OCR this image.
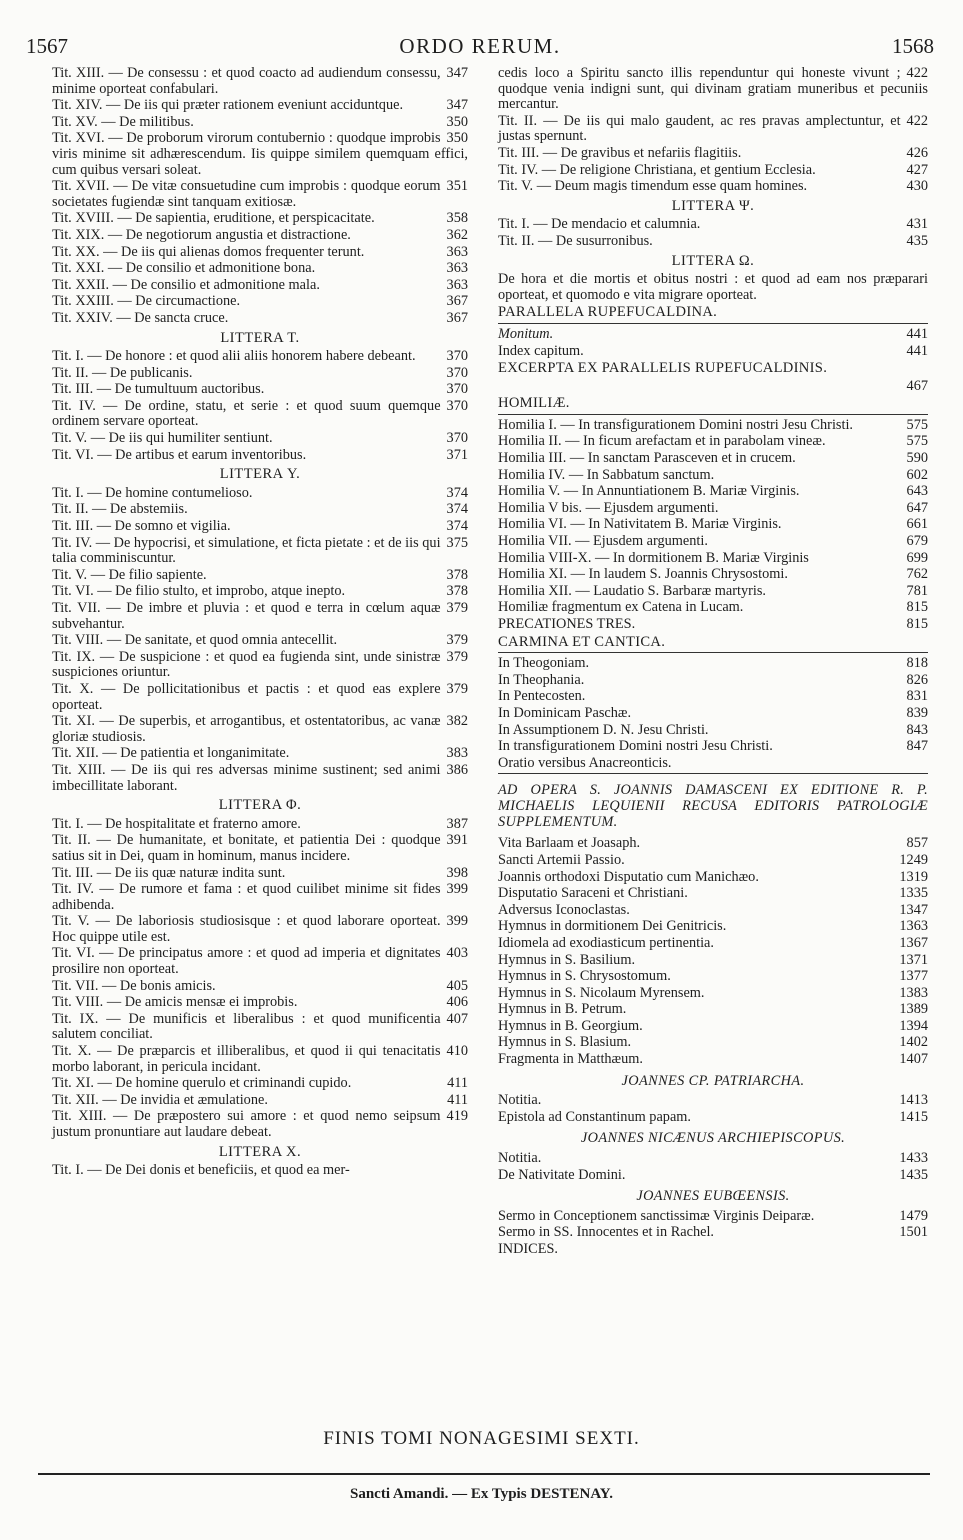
1567	ORDO RERUM.	1568
347
Tit. XIII. — De consessu : et quod coacto ad audiendum consessu, minime oporteat confabulari.
347
Tit. XIV. — De iis qui præter rationem eveniunt acciduntque.
350
Tit. XV. — De militibus.
350
Tit. XVI. — De proborum virorum contubernio : quodque improbis viris minime sit adhærescendum. Iis quippe similem quemquam effici, cum quibus versari soleat.
351
Tit. XVII. — De vitæ consuetudine cum improbis : quodque eorum societates fugiendæ sint tanquam exitiosæ.
358
Tit. XVIII. — De sapientia, eruditione, et perspicacitate.
362
Tit. XIX. — De negotiorum angustia et distractione.
363
Tit. XX. — De iis qui alienas domos frequenter terunt.
363
Tit. XXI. — De consilio et admonitione bona.
363
Tit. XXII. — De consilio et admonitione mala.
367
Tit. XXIII. — De circumactione.
367
Tit. XXIV. — De sancta cruce.
LITTERA T.
370
Tit. I. — De honore : et quod alii aliis honorem habere debeant.
370
Tit. II. — De publicanis.
370
Tit. III. — De tumultuum auctoribus.
370
Tit. IV. — De ordine, statu, et serie : et quod suum quemque ordinem servare oporteat.
370
Tit. V. — De iis qui humiliter sentiunt.
371
Tit. VI. — De artibus et earum inventoribus.
LITTERA Υ.
374
Tit. I. — De homine contumelioso.
374
Tit. II. — De abstemiis.
374
Tit. III. — De somno et vigilia.
375
Tit. IV. — De hypocrisi, et simulatione, et ficta pietate : et de iis qui talia comminiscuntur.
378
Tit. V. — De filio sapiente.
378
Tit. VI. — De filio stulto, et improbo, atque inepto.
379
Tit. VII. — De imbre et pluvia : et quod e terra in cœlum aquæ subvehantur.
379
Tit. VIII. — De sanitate, et quod omnia antecellit.
379
Tit. IX. — De suspicione : et quod ea fugienda sint, unde sinistræ suspiciones oriuntur.
379
Tit. X. — De pollicitationibus et pactis : et quod eas explere oporteat.
382
Tit. XI. — De superbis, et arrogantibus, et ostentatoribus, ac vanæ gloriæ studiosis.
383
Tit. XII. — De patientia et longanimitate.
386
Tit. XIII. — De iis qui res adversas minime sustinent; sed animi imbecillitate laborant.
LITTERA Φ.
387
Tit. I. — De hospitalitate et fraterno amore.
391
Tit. II. — De humanitate, et bonitate, et patientia Dei : quodque satius sit in Dei, quam in hominum, manus incidere.
398
Tit. III. — De iis quæ naturæ indita sunt.
399
Tit. IV. — De rumore et fama : et quod cuilibet minime sit fides adhibenda.
399
Tit. V. — De laboriosis studiosisque : et quod laborare oporteat. Hoc quippe utile est.
403
Tit. VI. — De principatus amore : et quod ad imperia et dignitates prosilire non oporteat.
405
Tit. VII. — De bonis amicis.
406
Tit. VIII. — De amicis mensæ ei improbis.
407
Tit. IX. — De munificis et liberalibus : et quod munificentia salutem conciliat.
410
Tit. X. — De præparcis et illiberalibus, et quod ii qui tenacitatis morbo laborant, in pericula incidant.
411
Tit. XI. — De homine querulo et criminandi cupido.
411
Tit. XII. — De invidia et æmulatione.
419
Tit. XIII. — De præpostero sui amore : et quod nemo seipsum justum pronuntiare aut laudare debeat.
LITTERA X.
Tit. I. — De Dei donis et beneficiis, et quod ea mer-
422
cedis loco a Spiritu sancto illis rependuntur qui honeste vivunt ; quodque venia indigni sunt, qui divinam gratiam muneribus et pecuniis mercantur.
422
Tit. II. — De iis qui malo gaudent, ac res pravas amplectuntur, et justas spernunt.
426
Tit. III. — De gravibus et nefariis flagitiis.
427
Tit. IV. — De religione Christiana, et gentium Ecclesia.
430
Tit. V. — Deum magis timendum esse quam homines.
LITTERA Ψ.
431
Tit. I. — De mendacio et calumnia.
435
Tit. II. — De susurronibus.
LITTERA Ω.
De hora et die mortis et obitus nostri : et quod ad eam nos præparari oporteat, et quomodo e vita migrare oporteat.
PARALLELA RUPEFUCALDINA.
441
Monitum.
441
Index capitum.
EXCERPTA EX PARALLELIS RUPEFUCALDINIS.
467
HOMILIÆ.
575
Homilia I. — In transfigurationem Domini nostri Jesu Christi.
575
Homilia II. — In ficum arefactam et in parabolam vineæ.
590
Homilia III. — In sanctam Parasceven et in crucem.
602
Homilia IV. — In Sabbatum sanctum.
643
Homilia V. — In Annuntiationem B. Mariæ Virginis.
647
Homilia V bis. — Ejusdem argumenti.
661
Homilia VI. — In Nativitatem B. Mariæ Virginis.
679
Homilia VII. — Ejusdem argumenti.
699
Homilia VIII-X. — In dormitionem B. Mariæ Virginis
762
Homilia XI. — In laudem S. Joannis Chrysostomi.
781
Homilia XII. — Laudatio S. Barbaræ martyris.
815
Homiliæ fragmentum ex Catena in Lucam.
815
PRECATIONES TRES.
CARMINA ET CANTICA.
818
In Theogoniam.
826
In Theophania.
831
In Pentecosten.
839
In Dominicam Paschæ.
843
In Assumptionem D. N. Jesu Christi.
847
In transfigurationem Domini nostri Jesu Christi.
Oratio versibus Anacreonticis.
AD OPERA S. JOANNIS DAMASCENI EX EDITIONE R. P. MICHAELIS LEQUIENII RECUSA EDITORIS PATROLOGIÆ SUPPLEMENTUM.
857
Vita Barlaam et Joasaph.
1249
Sancti Artemii Passio.
1319
Joannis orthodoxi Disputatio cum Manichæo.
1335
Disputatio Saraceni et Christiani.
1347
Adversus Iconoclastas.
1363
Hymnus in dormitionem Dei Genitricis.
1367
Idiomela ad exodiasticum pertinentia.
1371
Hymnus in S. Basilium.
1377
Hymnus in S. Chrysostomum.
1383
Hymnus in S. Nicolaum Myrensem.
1389
Hymnus in B. Petrum.
1394
Hymnus in B. Georgium.
1402
Hymnus in S. Blasium.
1407
Fragmenta in Matthæum.
JOANNES CP. PATRIARCHA.
1413
Notitia.
1415
Epistola ad Constantinum papam.
JOANNES NICÆNUS ARCHIEPISCOPUS.
1433
Notitia.
1435
De Nativitate Domini.
JOANNES EUBŒENSIS.
1479
Sermo in Conceptionem sanctissimæ Virginis Deiparæ.
1501
Sermo in SS. Innocentes et in Rachel.
INDICES.
FINIS TOMI NONAGESIMI SEXTI.
Sancti Amandi. — Ex Typis DESTENAY.
